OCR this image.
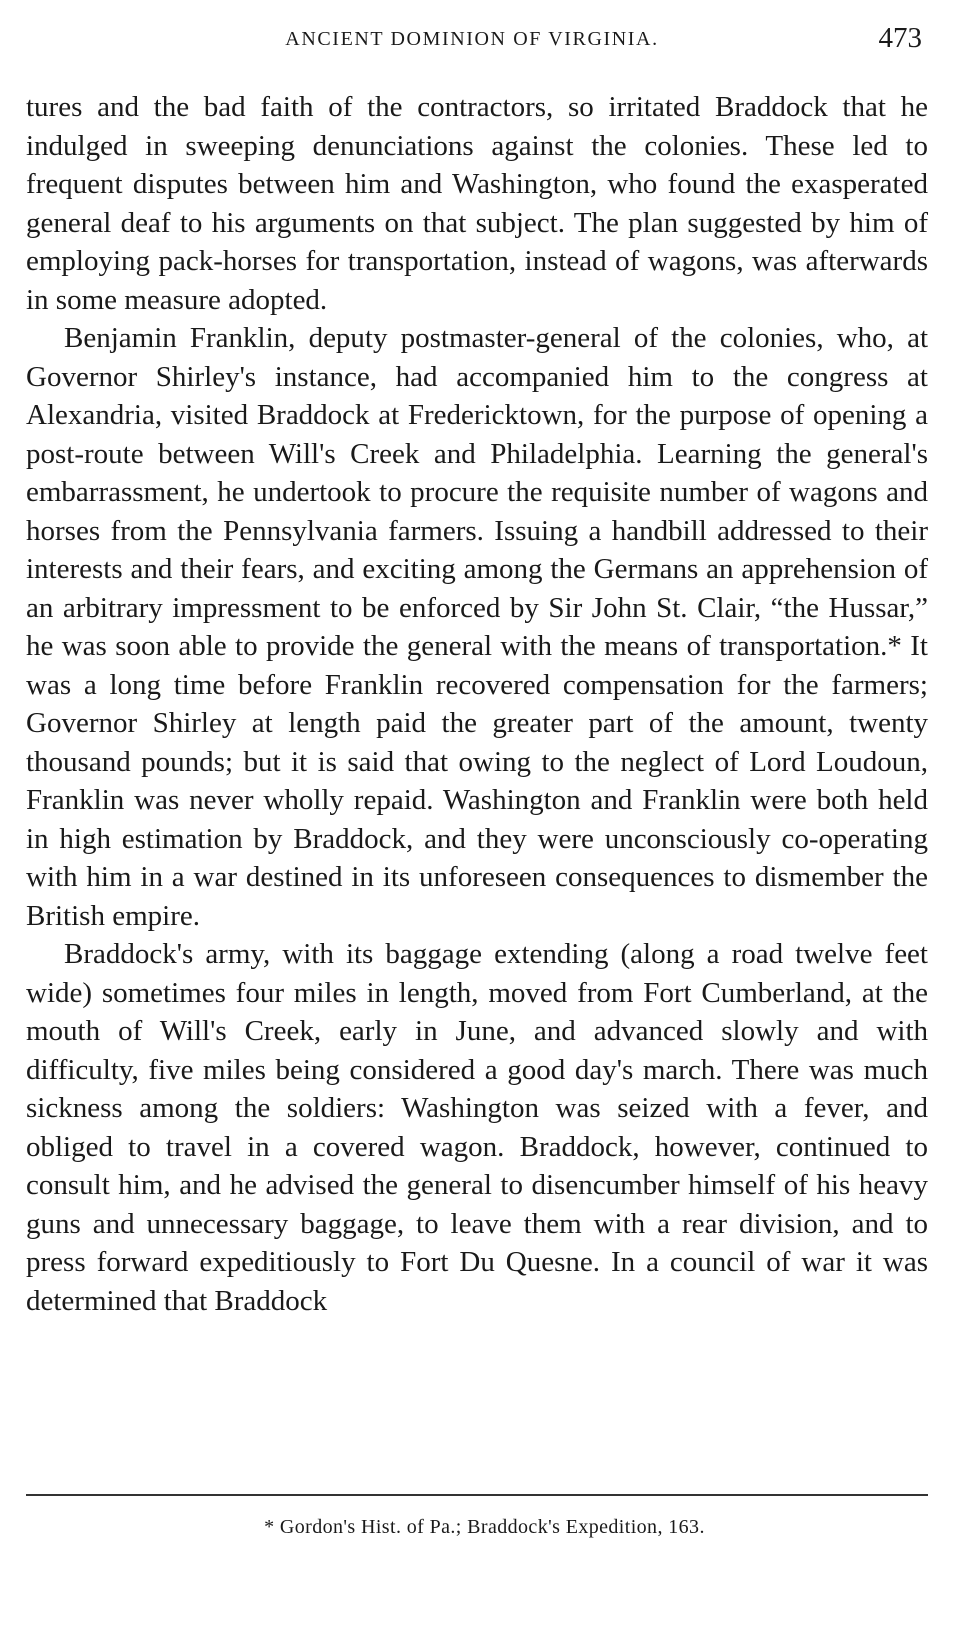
ANCIENT DOMINION OF VIRGINIA.	473

tures and the bad faith of the contractors, so irritated Braddock that he indulged in sweeping denunciations against the colonies. These led to frequent disputes between him and Washington, who found the exasperated general deaf to his arguments on that subject. The plan suggested by him of employing pack-horses for transportation, instead of wagons, was afterwards in some measure adopted.

Benjamin Franklin, deputy postmaster-general of the colonies, who, at Governor Shirley's instance, had accompanied him to the congress at Alexandria, visited Braddock at Fredericktown, for the purpose of opening a post-route between Will's Creek and Philadelphia. Learning the general's embarrassment, he undertook to procure the requisite number of wagons and horses from the Pennsylvania farmers. Issuing a handbill addressed to their interests and their fears, and exciting among the Germans an apprehension of an arbitrary impressment to be enforced by Sir John St. Clair, “the Hussar,” he was soon able to provide the general with the means of transportation.* It was a long time before Franklin recovered compensation for the farmers; Governor Shirley at length paid the greater part of the amount, twenty thousand pounds; but it is said that owing to the neglect of Lord Loudoun, Franklin was never wholly repaid. Washington and Franklin were both held in high estimation by Braddock, and they were unconsciously co-operating with him in a war destined in its unforeseen consequences to dismember the British empire.

Braddock's army, with its baggage extending (along a road twelve feet wide) sometimes four miles in length, moved from Fort Cumberland, at the mouth of Will's Creek, early in June, and advanced slowly and with difficulty, five miles being considered a good day's march. There was much sickness among the soldiers: Washington was seized with a fever, and obliged to travel in a covered wagon. Braddock, however, continued to consult him, and he advised the general to disencumber himself of his heavy guns and unnecessary baggage, to leave them with a rear division, and to press forward expeditiously to Fort Du Quesne. In a council of war it was determined that Braddock

* Gordon's Hist. of Pa.; Braddock's Expedition, 163.
